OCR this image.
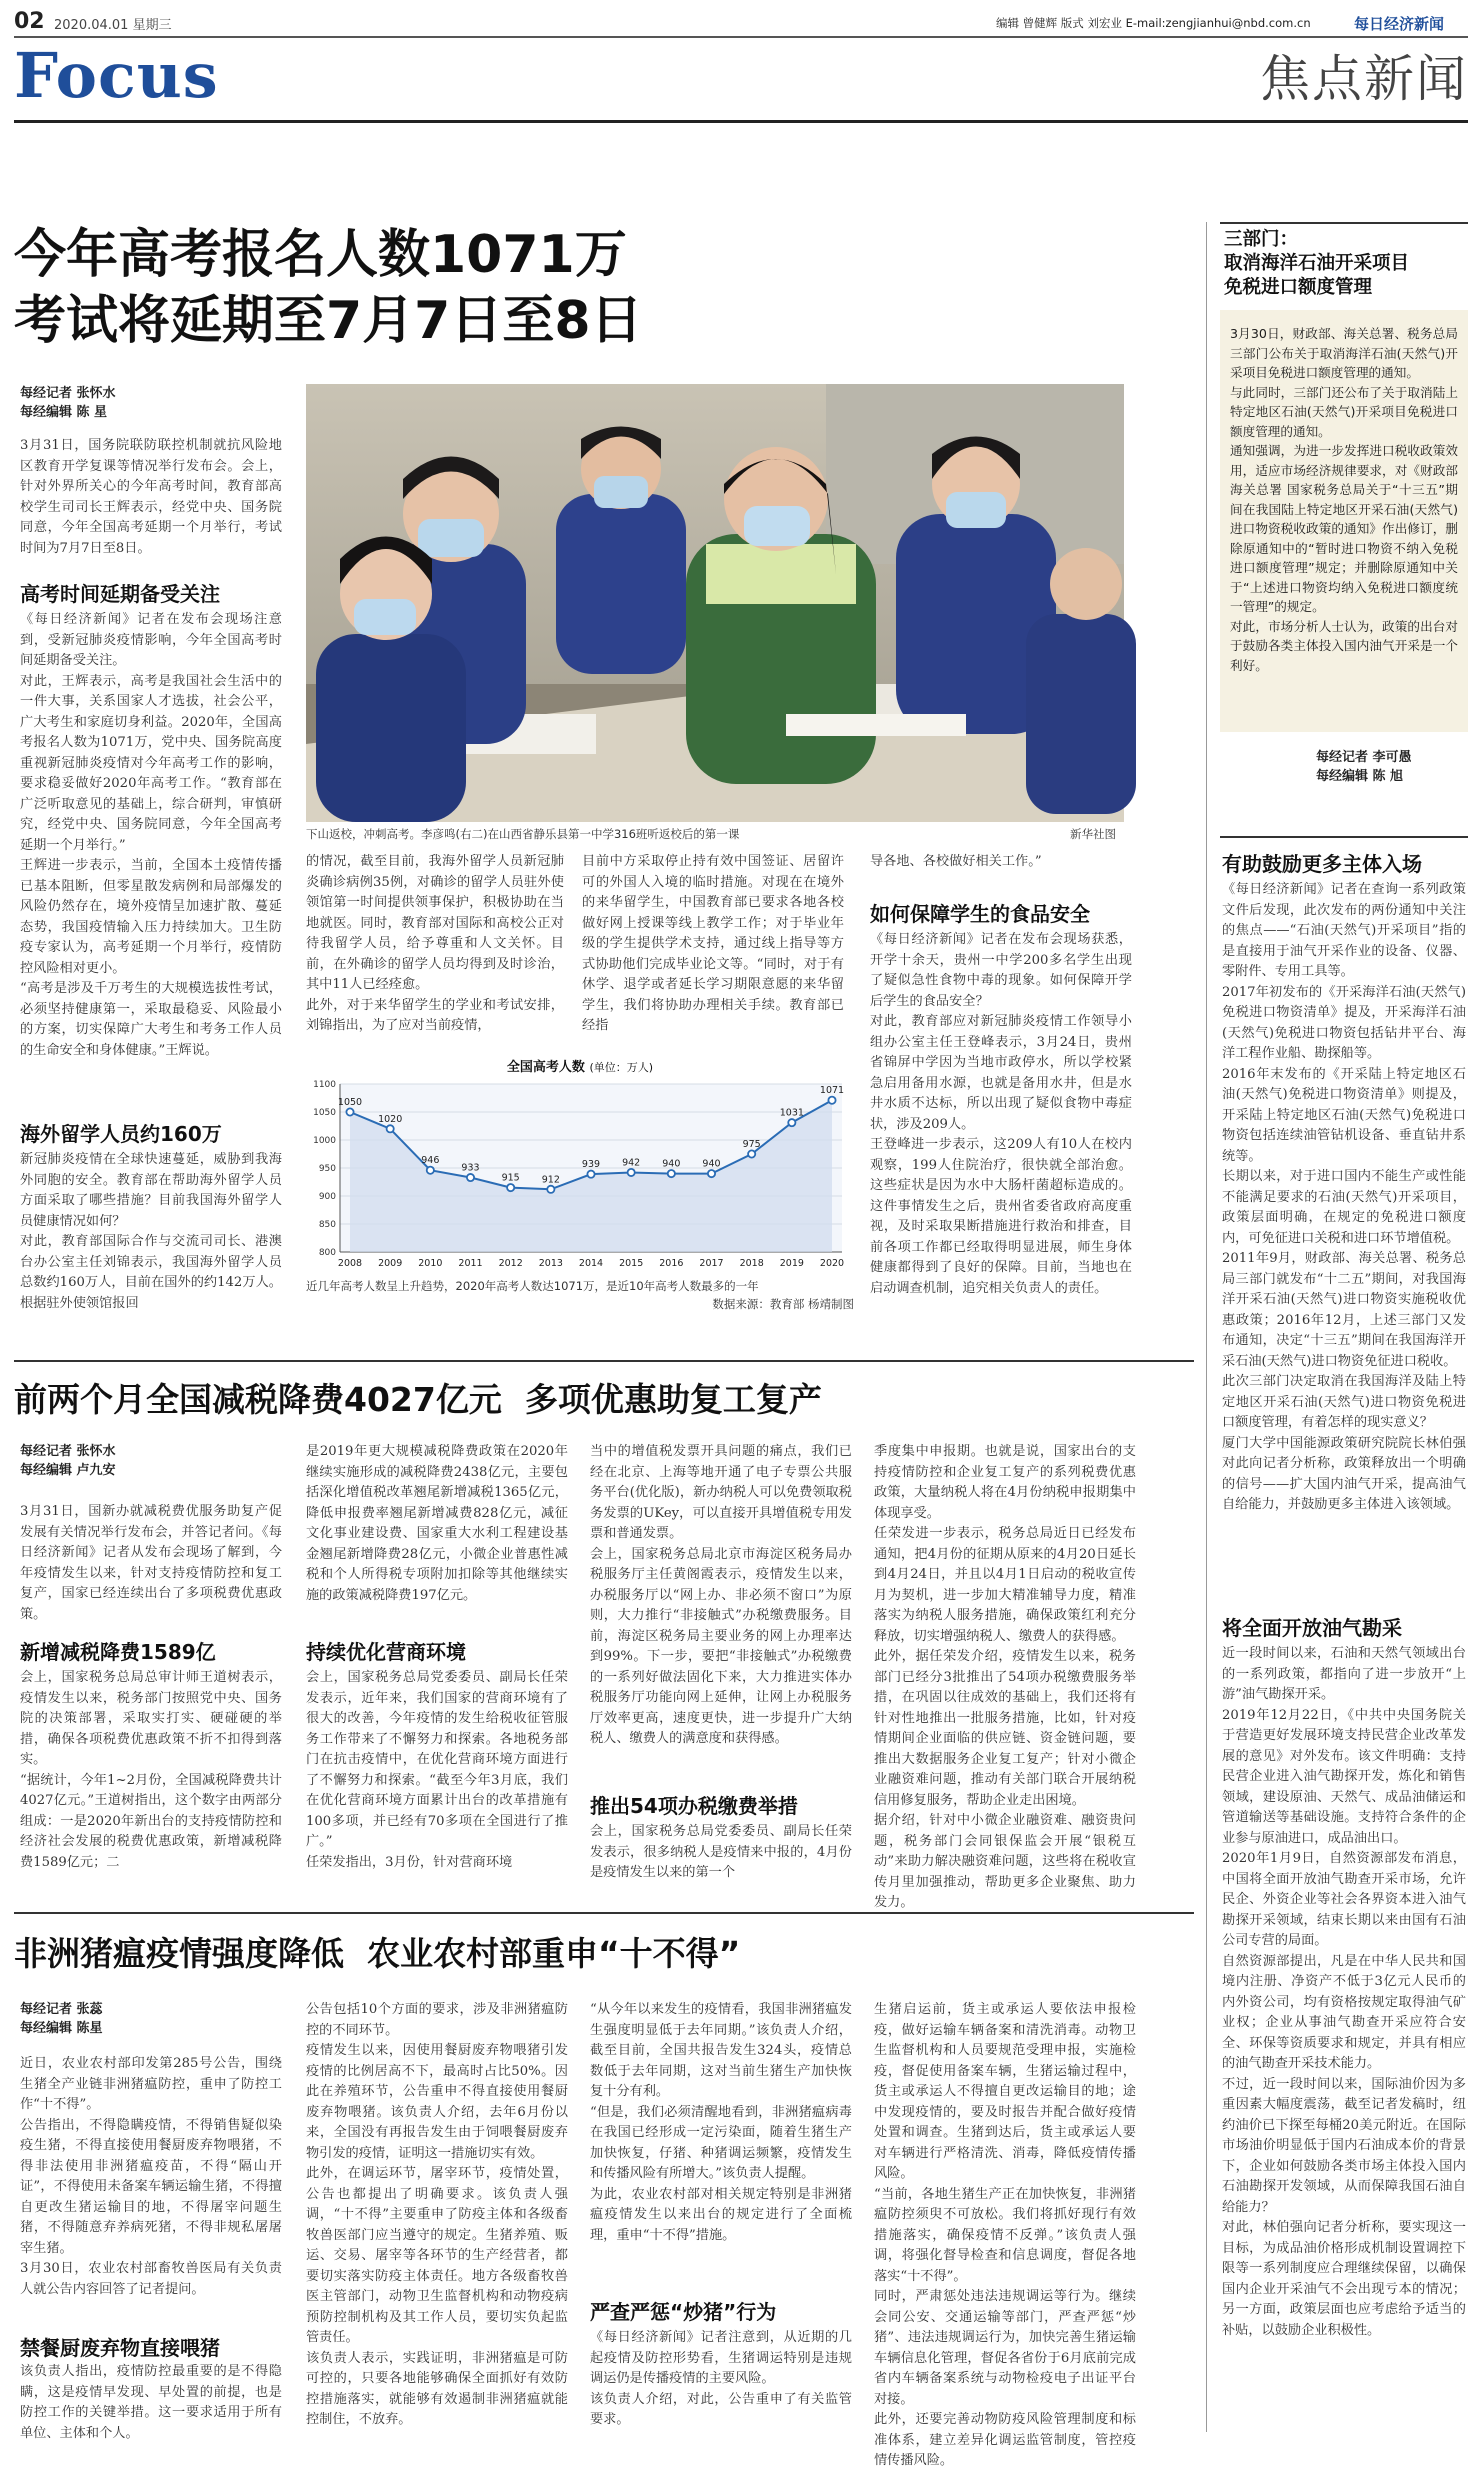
02 2020.04.01 星期三	编辑 曾健辉 版式 刘宏业 E-mail:zengjianhui@nbd.com.cn	每日经济新闻
Focus	焦点新闻
今年高考报名人数1071万
考试将延期至7月7日至8日
每经记者 张怀水
每经编辑 陈 星
3月31日，国务院联防联控机制就抗风险地区教育开学复课等情况举行发布会。会上，针对外界所关心的今年高考时间，教育部高校学生司司长王辉表示，经党中央、国务院同意，今年全国高考延期一个月举行，考试时间为7月7日至8日。
高考时间延期备受关注
《每日经济新闻》记者在发布会现场注意到，受新冠肺炎疫情影响，今年全国高考时间延期备受关注。
对此，王辉表示，高考是我国社会生活中的一件大事，关系国家人才选拔，社会公平，广大考生和家庭切身利益。2020年，全国高考报名人数为1071万，党中央、国务院高度重视新冠肺炎疫情对今年高考工作的影响，要求稳妥做好2020年高考工作。“教育部在广泛听取意见的基础上，综合研判，审慎研究，经党中央、国务院同意，今年全国高考延期一个月举行。”
王辉进一步表示，当前，全国本土疫情传播已基本阻断，但零星散发病例和局部爆发的风险仍然存在，境外疫情呈加速扩散、蔓延态势，我国疫情输入压力持续加大。卫生防疫专家认为，高考延期一个月举行，疫情防控风险相对更小。
“高考是涉及千万考生的大规模选拔性考试，必须坚持健康第一，采取最稳妥、风险最小的方案，切实保障广大考生和考务工作人员的生命安全和身体健康。”王辉说。
海外留学人员约160万
新冠肺炎疫情在全球快速蔓延，威胁到我海外同胞的安全。教育部在帮助海外留学人员方面采取了哪些措施？目前我国海外留学人员健康情况如何？
对此，教育部国际合作与交流司司长、港澳台办公室主任刘锦表示，我国海外留学人员总数约160万人，目前在国外的约142万人。根据驻外使领馆报回
下山返校，冲刺高考。李彦鸣(右二)在山西省静乐县第一中学316班听返校后的第一课	新华社图
的情况，截至目前，我海外留学人员新冠肺炎确诊病例35例，对确诊的留学人员驻外使领馆第一时间提供领事保护，积极协助在当地就医。同时，教育部对国际和高校公正对待我留学人员，给予尊重和人文关怀。目前，在外确诊的留学人员均得到及时诊治，其中11人已经痊愈。
此外，对于来华留学生的学业和考试安排，刘锦指出，为了应对当前疫情，
目前中方采取停止持有效中国签证、居留许可的外国人入境的临时措施。对现在在境外的来华留学生，中国教育部已要求各地各校做好网上授课等线上教学工作；对于毕业年级的学生提供学术支持，通过线上指导等方式协助他们完成毕业论文等。“同时，对于有休学、退学或者延长学习期限意愿的来华留学生，我们将协助办理相关手续。教育部已经指
导各地、各校做好相关工作。”
如何保障学生的食品安全
《每日经济新闻》记者在发布会现场获悉，开学十余天，贵州一中学200多名学生出现了疑似急性食物中毒的现象。如何保障开学后学生的食品安全？
对此，教育部应对新冠肺炎疫情工作领导小组办公室主任王登峰表示，3月24日，贵州省锦屏中学因为当地市政停水，所以学校紧急启用备用水源，也就是备用水井，但是水井水质不达标，所以出现了疑似食物中毒症状，涉及209人。
王登峰进一步表示，这209人有10人在校内观察，199人住院治疗，很快就全部治愈。这些症状是因为水中大肠杆菌超标造成的。这件事情发生之后，贵州省委省政府高度重视，及时采取果断措施进行救治和排查，目前各项工作都已经取得明显进展，师生身体健康都得到了良好的保障。目前，当地也在启动调查机制，追究相关负责人的责任。
全国高考人数 (单位：万人)
800
850
900
950
1000
1050
1100
1050
1020
946
933
915 912
939 942 940 940
975
1031
1071
2008 2009 2010 2011 2012 2013 2014 2015 2016 2017 2018 2019 2020
近几年高考人数呈上升趋势，2020年高考人数达1071万，是近10年高考人数最多的一年
数据来源：教育部 杨靖制图
三部门：
取消海洋石油开采项目
免税进口额度管理
3月30日，财政部、海关总署、税务总局三部门公布关于取消海洋石油(天然气)开采项目免税进口额度管理的通知。
与此同时，三部门还公布了关于取消陆上特定地区石油(天然气)开采项目免税进口额度管理的通知。
通知强调，为进一步发挥进口税收政策效用，适应市场经济规律要求，对《财政部 海关总署 国家税务总局关于“十三五”期间在我国陆上特定地区开采石油(天然气)进口物资税收政策的通知》作出修订，删除原通知中的“暂时进口物资不纳入免税进口额度管理”规定；并删除原通知中关于“上述进口物资均纳入免税进口额度统一管理”的规定。
对此，市场分析人士认为，政策的出台对于鼓励各类主体投入国内油气开采是一个利好。
每经记者 李可愚
每经编辑 陈 旭
有助鼓励更多主体入场
《每日经济新闻》记者在查询一系列政策文件后发现，此次发布的两份通知中关注的焦点——“石油(天然气)开采项目”指的是直接用于油气开采作业的设备、仪器、零附件、专用工具等。
2017年初发布的《开采海洋石油(天然气)免税进口物资清单》提及，开采海洋石油(天然气)免税进口物资包括钻井平台、海洋工程作业船、勘探船等。
2016年末发布的《开采陆上特定地区石油(天然气)免税进口物资清单》则提及，开采陆上特定地区石油(天然气)免税进口物资包括连续油管钻机设备、垂直钻井系统等。
长期以来，对于进口国内不能生产或性能不能满足要求的石油(天然气)开采项目，政策层面明确，在规定的免税进口额度内，可免征进口关税和进口环节增值税。
2011年9月，财政部、海关总署、税务总局三部门就发布“十二五”期间，对我国海洋开采石油(天然气)进口物资实施税收优惠政策；2016年12月，上述三部门又发布通知，决定“十三五”期间在我国海洋开采石油(天然气)进口物资免征进口税收。
此次三部门决定取消在我国海洋及陆上特定地区开采石油(天然气)进口物资免税进口额度管理，有着怎样的现实意义？
厦门大学中国能源政策研究院院长林伯强对此向记者分析称，政策释放出一个明确的信号——扩大国内油气开采，提高油气自给能力，并鼓励更多主体进入该领域。
将全面开放油气勘采
近一段时间以来，石油和天然气领域出台的一系列政策，都指向了进一步放开“上游”油气勘探开采。
2019年12月22日，《中共中央国务院关于营造更好发展环境支持民营企业改革发展的意见》对外发布。该文件明确：支持民营企业进入油气勘探开发，炼化和销售领域，建设原油、天然气、成品油储运和管道输送等基础设施。支持符合条件的企业参与原油进口，成品油出口。
2020年1月9日，自然资源部发布消息，中国将全面开放油气勘查开采市场，允许民企、外资企业等社会各界资本进入油气勘探开采领域，结束长期以来由国有石油公司专营的局面。
自然资源部提出，凡是在中华人民共和国境内注册、净资产不低于3亿元人民币的内外资公司，均有资格按规定取得油气矿业权；企业从事油气勘查开采应符合安全、环保等资质要求和规定，并具有相应的油气勘查开采技术能力。
不过，近一段时间以来，国际油价因为多重因素大幅度震荡，截至记者发稿时，纽约油价已下探至每桶20美元附近。在国际市场油价明显低于国内石油成本价的背景下，企业如何鼓励各类市场主体投入国内石油勘探开发领域，从而保障我国石油自给能力？
对此，林伯强向记者分析称，要实现这一目标，为成品油价格形成机制设置调控下限等一系列制度应合理继续保留，以确保国内企业开采油气不会出现亏本的情况；另一方面，政策层面也应考虑给予适当的补贴，以鼓励企业积极性。
前两个月全国减税降费4027亿元  多项优惠助复工复产
每经记者 张怀水
每经编辑 卢九安
3月31日，国新办就减税费优服务助复产促发展有关情况举行发布会，并答记者问。《每日经济新闻》记者从发布会现场了解到，今年疫情发生以来，针对支持疫情防控和复工复产，国家已经连续出台了多项税费优惠政策。
新增减税降费1589亿
会上，国家税务总局总审计师王道树表示，疫情发生以来，税务部门按照党中央、国务院的决策部署，采取实打实、硬碰硬的举措，确保各项税费优惠政策不折不扣得到落实。
“据统计，今年1~2月份，全国减税降费共计4027亿元。”王道树指出，这个数字由两部分组成：一是2020年新出台的支持疫情防控和经济社会发展的税费优惠政策，新增减税降费1589亿元；二
是2019年更大规模减税降费政策在2020年继续实施形成的减税降费2438亿元，主要包括深化增值税改革翘尾新增减税1365亿元，降低申报费率翘尾新增减费828亿元，减征文化事业建设费、国家重大水利工程建设基金翘尾新增降费28亿元，小微企业普惠性减税和个人所得税专项附加扣除等其他继续实施的政策减税降费197亿元。
持续优化营商环境
会上，国家税务总局党委委员、副局长任荣发表示，近年来，我们国家的营商环境有了很大的改善，今年疫情的发生给税收征管服务工作带来了不懈努力和探索。各地税务部门在抗击疫情中，在优化营商环境方面进行了不懈努力和探索。“截至今年3月底，我们在优化营商环境方面累计出台的改革措施有100多项，并已经有70多项在全国进行了推广。”
任荣发指出，3月份，针对营商环境
当中的增值税发票开具问题的痛点，我们已经在北京、上海等地开通了电子专票公共服务平台(优化版)，新办纳税人可以免费领取税务发票的UKey，可以直接开具增值税专用发票和普通发票。
会上，国家税务总局北京市海淀区税务局办税服务厅主任黄阁霞表示，疫情发生以来，办税服务厅以“网上办、非必须不窗口”为原则，大力推行“非接触式”办税缴费服务。目前，海淀区税务局主要业务的网上办理率达到99%。下一步，要把“非接触式”办税缴费的一系列好做法固化下来，大力推进实体办税服务厅功能向网上延伸，让网上办税服务厅效率更高，速度更快，进一步提升广大纳税人、缴费人的满意度和获得感。
推出54项办税缴费举措
会上，国家税务总局党委委员、副局长任荣发表示，很多纳税人是疫情来中报的，4月份是疫情发生以来的第一个
季度集中申报期。也就是说，国家出台的支持疫情防控和企业复工复产的系列税费优惠政策，大量纳税人将在4月份纳税申报期集中体现享受。
任荣发进一步表示，税务总局近日已经发布通知，把4月份的征期从原来的4月20日延长到4月24日，并且以4月1日启动的税收宣传月为契机，进一步加大精准辅导力度，精准落实为纳税人服务措施，确保政策红利充分释放，切实增强纳税人、缴费人的获得感。
此外，据任荣发介绍，疫情发生以来，税务部门已经分3批推出了54项办税缴费服务举措，在巩固以往成效的基础上，我们还将有针对性地推出一批服务措施，比如，针对疫情期间企业面临的供应链、资金链问题，要推出大数据服务企业复工复产；针对小微企业融资难问题，推动有关部门联合开展纳税信用修复服务，帮助企业走出困境。
据介绍，针对中小微企业融资难、融资贵问题，税务部门会同银保监会开展“银税互动”来助力解决融资难问题，这些将在税收宣传月里加强推动，帮助更多企业聚焦、助力发力。
非洲猪瘟疫情强度降低  农业农村部重申“十不得”
每经记者 张蕊
每经编辑 陈星
近日，农业农村部印发第285号公告，围绕生猪全产业链非洲猪瘟防控，重申了防控工作“十不得”。
公告指出，不得隐瞒疫情，不得销售疑似染疫生猪，不得直接使用餐厨废弃物喂猪，不得非法使用非洲猪瘟疫苗，不得“隔山开证”，不得使用未备案车辆运输生猪，不得擅自更改生猪运输目的地，不得屠宰问题生猪，不得随意弃养病死猪，不得非规私屠屠宰生猪。
3月30日，农业农村部畜牧兽医局有关负责人就公告内容回答了记者提问。
禁餐厨废弃物直接喂猪
该负责人指出，疫情防控最重要的是不得隐瞒，这是疫情早发现、早处置的前提，也是防控工作的关键举措。这一要求适用于所有单位、主体和个人。
公告包括10个方面的要求，涉及非洲猪瘟防控的不同环节。
疫情发生以来，因使用餐厨废弃物喂猪引发疫情的比例居高不下，最高时占比50%。因此在养殖环节，公告重申不得直接使用餐厨废弃物喂猪。该负责人介绍，去年6月份以来，全国没有再报告发生由于饲喂餐厨废弃物引发的疫情，证明这一措施切实有效。
此外，在调运环节，屠宰环节，疫情处置，公告也都提出了明确要求。该负责人强调，“十不得”主要重申了防疫主体和各级畜牧兽医部门应当遵守的规定。生猪养殖、贩运、交易、屠宰等各环节的生产经营者，都要切实落实防疫主体责任。地方各级畜牧兽医主管部门，动物卫生监督机构和动物疫病预防控制机构及其工作人员，要切实负起监管责任。
该负责人表示，实践证明，非洲猪瘟是可防可控的，只要各地能够确保全面抓好有效防控措施落实，就能够有效遏制非洲猪瘟就能控制住，不放弃。
“从今年以来发生的疫情看，我国非洲猪瘟发生强度明显低于去年同期。”该负责人介绍，截至目前，全国共报告发生324头，疫情总数低于去年同期，这对当前生猪生产加快恢复十分有利。
“但是，我们必须清醒地看到，非洲猪瘟病毒在我国已经形成一定污染面，随着生猪生产加快恢复，仔猪、种猪调运频繁，疫情发生和传播风险有所增大。”该负责人提醒。
为此，农业农村部对相关规定特别是非洲猪瘟疫情发生以来出台的规定进行了全面梳理，重申“十不得”措施。
严查严惩“炒猪”行为
《每日经济新闻》记者注意到，从近期的几起疫情及防控形势看，生猪调运特别是违规调运仍是传播疫情的主要风险。
该负责人介绍，对此，公告重申了有关监管要求。
生猪启运前，货主或承运人要依法申报检疫，做好运输车辆备案和清洗消毒。动物卫生监督机构和人员要规范受理申报，实施检疫，督促使用备案车辆，生猪运输过程中，货主或承运人不得擅自更改运输目的地；途中发现疫情的，要及时报告并配合做好疫情处置和调查。生猪到达后，货主或承运人要对车辆进行严格清洗、消毒，降低疫情传播风险。
“当前，各地生猪生产正在加快恢复，非洲猪瘟防控须臾不可放松。我们将抓好现行有效措施落实，确保疫情不反弹。”该负责人强调，将强化督导检查和信息调度，督促各地落实“十不得”。
同时，严肃惩处违法违规调运等行为。继续会同公安、交通运输等部门，严查严惩“炒猪”、违法违规调运行为，加快完善生猪运输车辆信息化管理，督促各省份于6月底前完成省内车辆备案系统与动物检疫电子出证平台对接。
此外，还要完善动物防疫风险管理制度和标准体系，建立差异化调运监管制度，管控疫情传播风险。
